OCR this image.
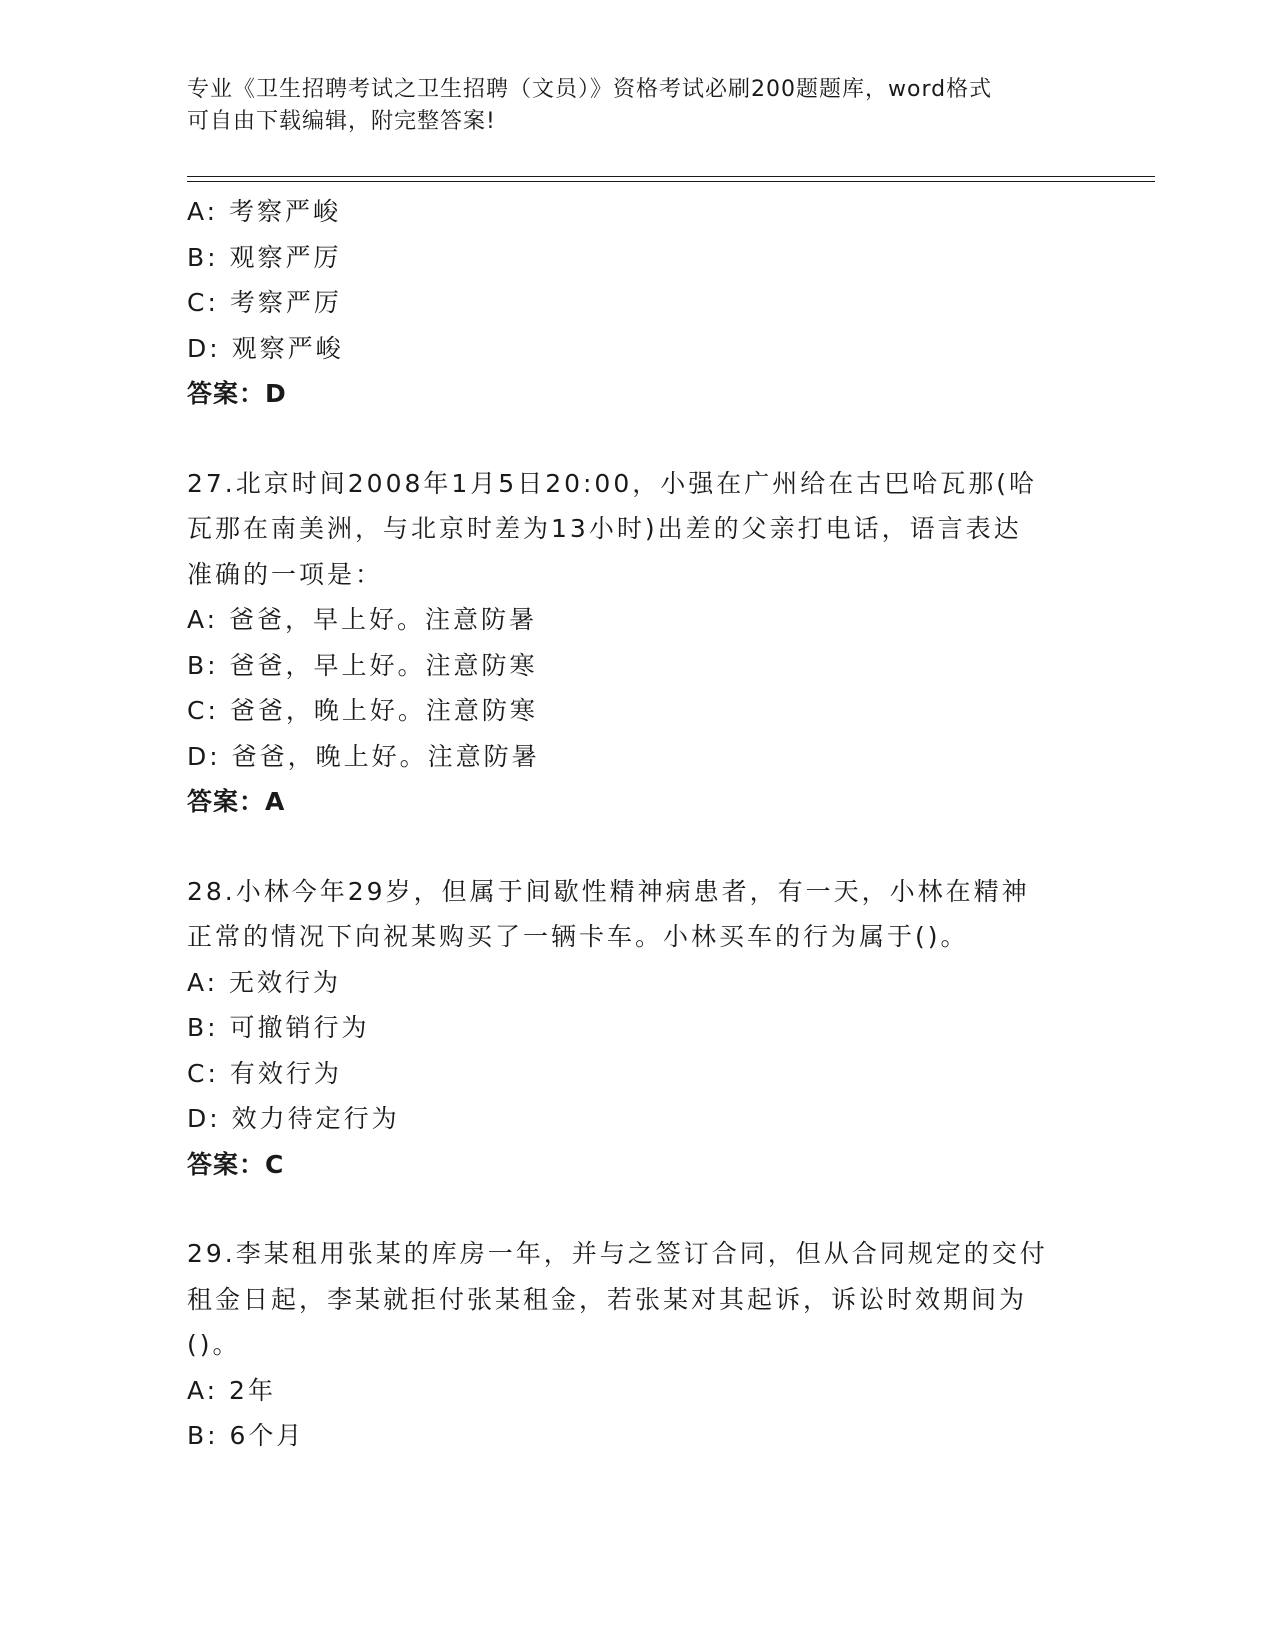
专业《卫生招聘考试之卫生招聘（文员）》资格考试必刷200题题库，word格式
可自由下载编辑，附完整答案!
A: 考察严峻
B: 观察严厉
C: 考察严厉
D: 观察严峻
答案：D
27.北京时间2008年1月5日20:00，小强在广州给在古巴哈瓦那(哈
瓦那在南美洲，与北京时差为13小时)出差的父亲打电话，语言表达
准确的一项是：
A: 爸爸，早上好。注意防暑
B: 爸爸，早上好。注意防寒
C: 爸爸，晚上好。注意防寒
D: 爸爸，晚上好。注意防暑
答案：A
28.小林今年29岁，但属于间歇性精神病患者，有一天，小林在精神
正常的情况下向祝某购买了一辆卡车。小林买车的行为属于()。
A: 无效行为
B: 可撤销行为
C: 有效行为
D: 效力待定行为
答案：C
29.李某租用张某的库房一年，并与之签订合同，但从合同规定的交付
租金日起，李某就拒付张某租金，若张某对其起诉，诉讼时效期间为
()。
A: 2年
B: 6个月
